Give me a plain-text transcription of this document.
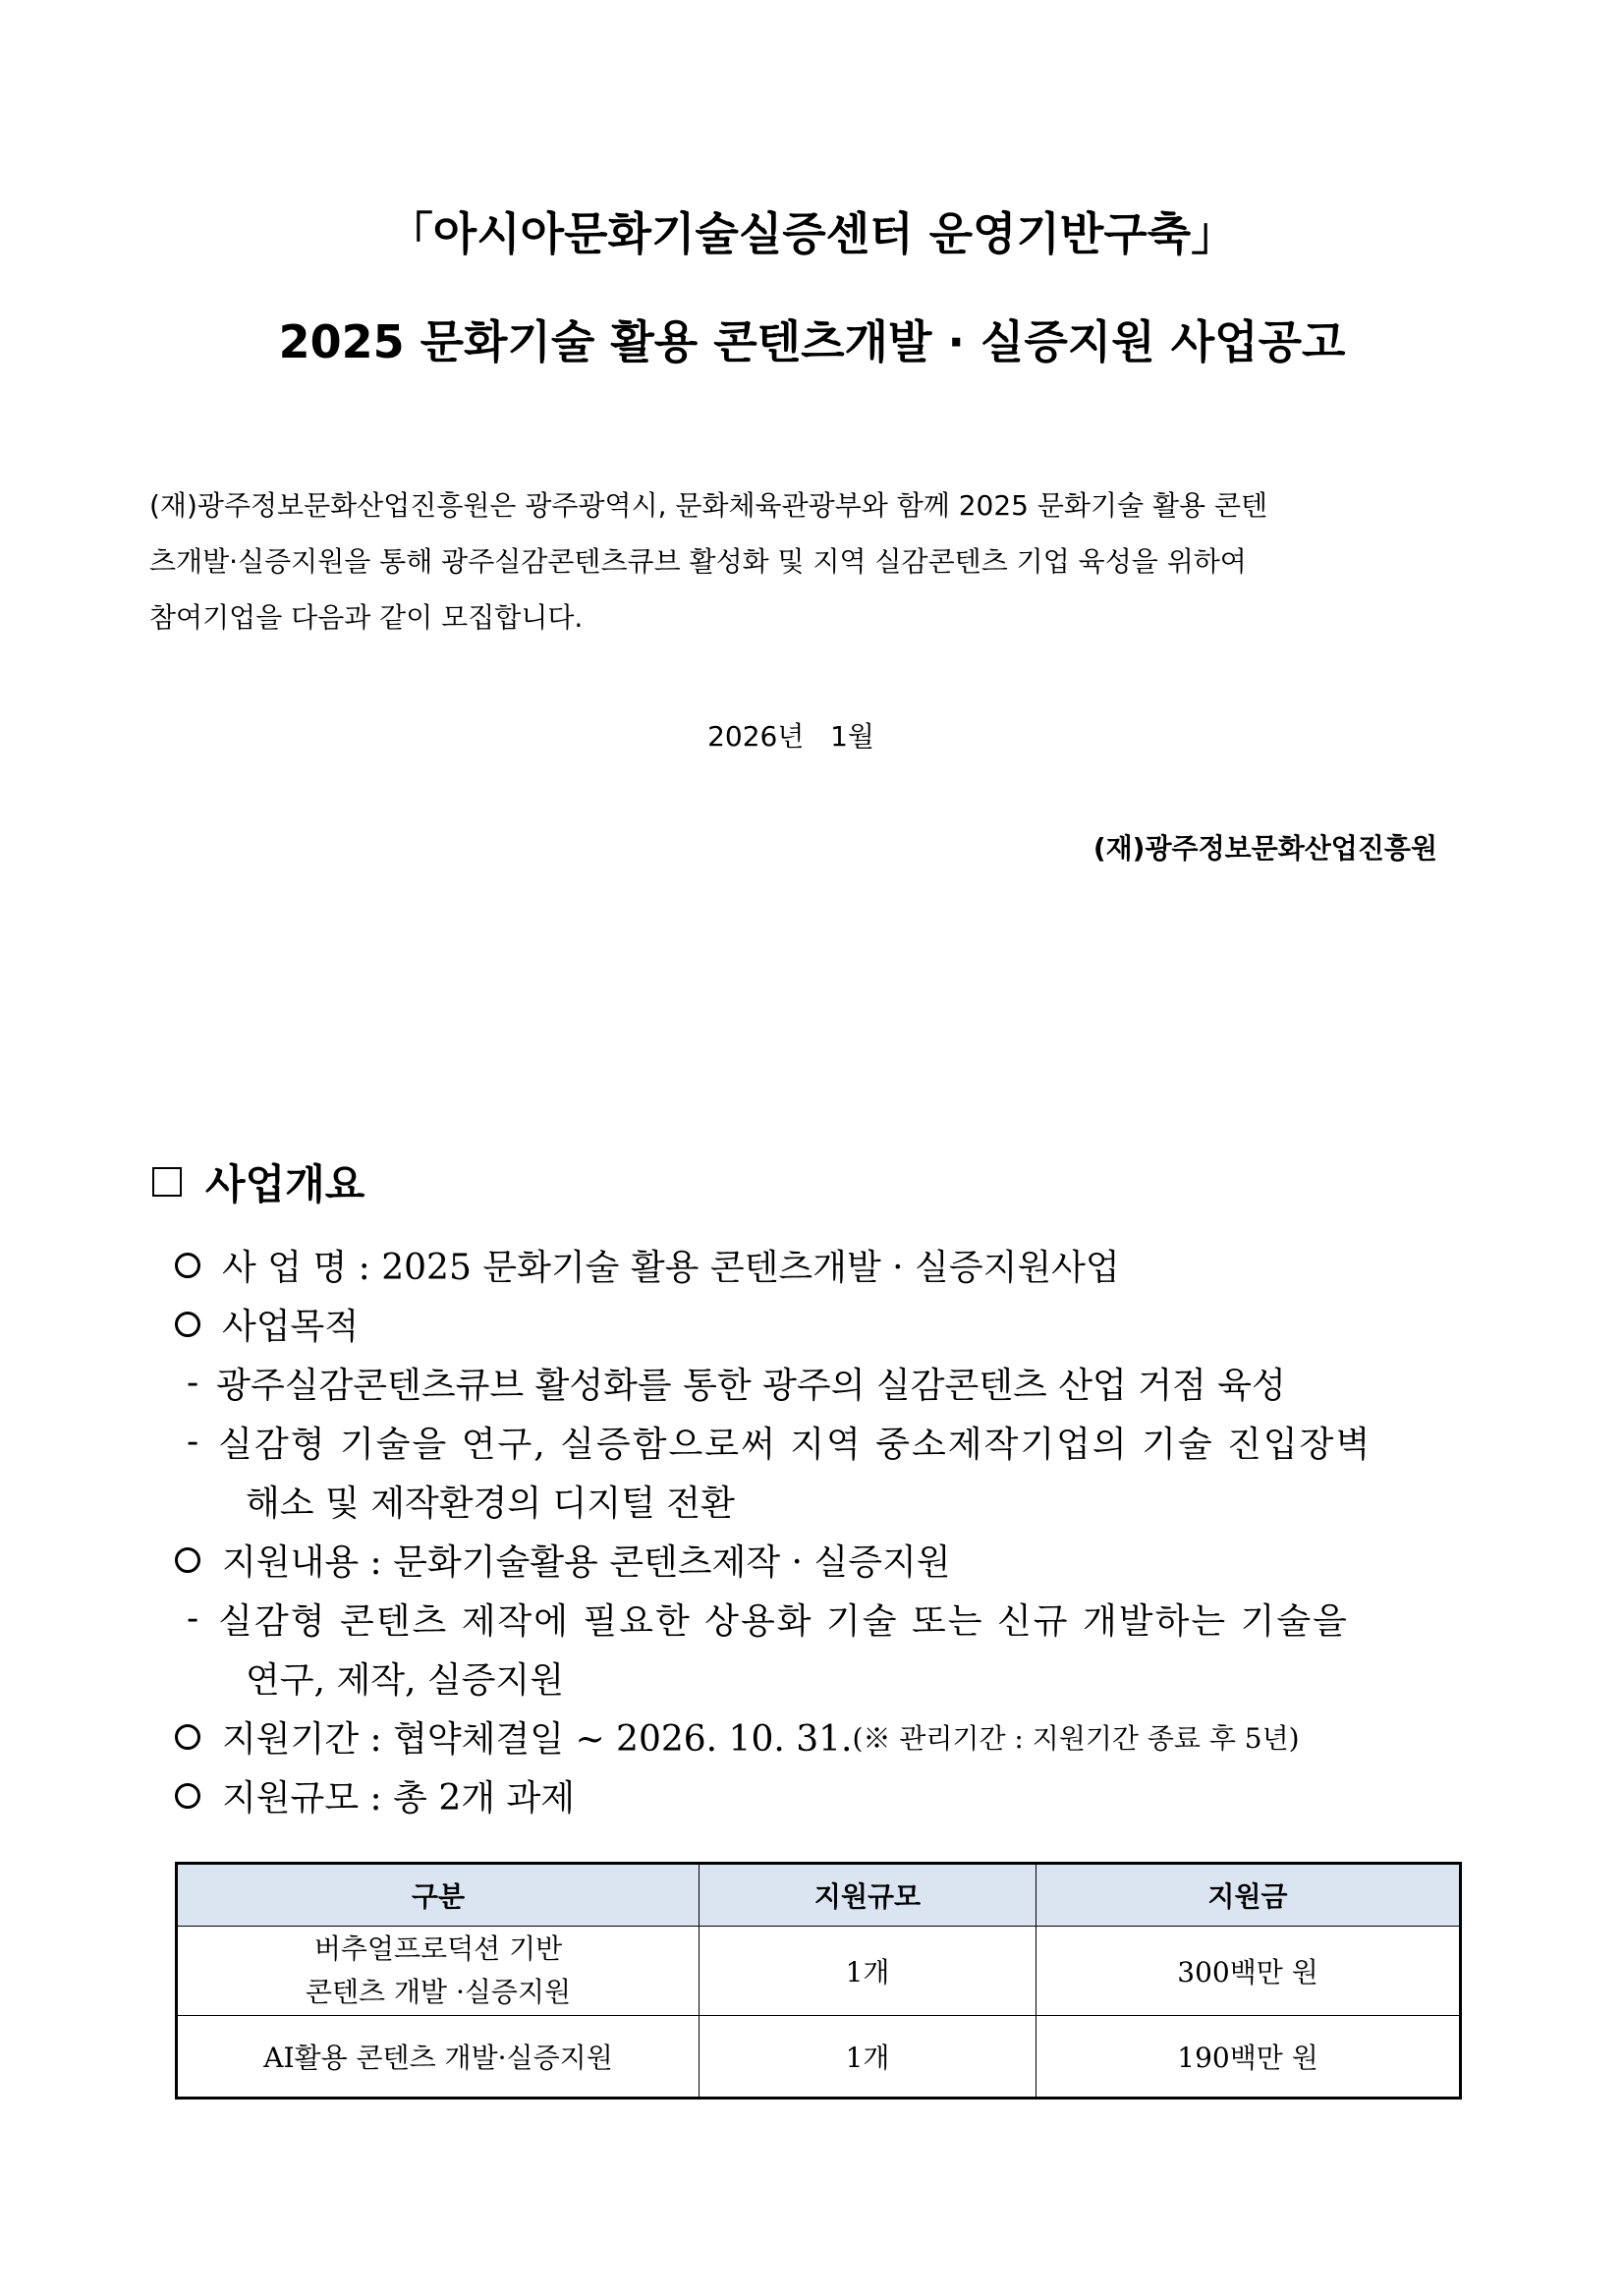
「아시아문화기술실증센터 운영기반구축」
2025 문화기술 활용 콘텐츠개발 · 실증지원 사업공고

(재)광주정보문화산업진흥원은 광주광역시, 문화체육관광부와 함께 2025 문화기술 활용 콘텐
츠개발·실증지원을 통해 광주실감콘텐츠큐브 활성화 및 지역 실감콘텐츠 기업 육성을 위하여
참여기업을 다음과 같이 모집합니다.

2026년   1월
(재)광주정보문화산업진흥원
사업개요
사 업 명 : 2025 문화기술 활용 콘텐츠개발 · 실증지원사업
사업목적
- 광주실감콘텐츠큐브 활성화를 통한 광주의 실감콘텐츠 산업 거점 육성
- 실감형 기술을 연구, 실증함으로써 지역 중소제작기업의 기술 진입장벽
해소 및 제작환경의 디지털 전환
지원내용 : 문화기술활용 콘텐츠제작 · 실증지원
- 실감형 콘텐츠 제작에 필요한 상용화 기술 또는 신규 개발하는 기술을
연구, 제작, 실증지원
지원기간 : 협약체결일 ~ 2026. 10. 31. (※ 관리기간 : 지원기간 종료 후 5년)
지원규모 : 총 2개 과제
구분	지원규모	지원금
버추얼프로덕션 기반
콘텐츠 개발 ·실증지원	1개	300백만 원
AI활용 콘텐츠 개발·실증지원	1개	190백만 원
